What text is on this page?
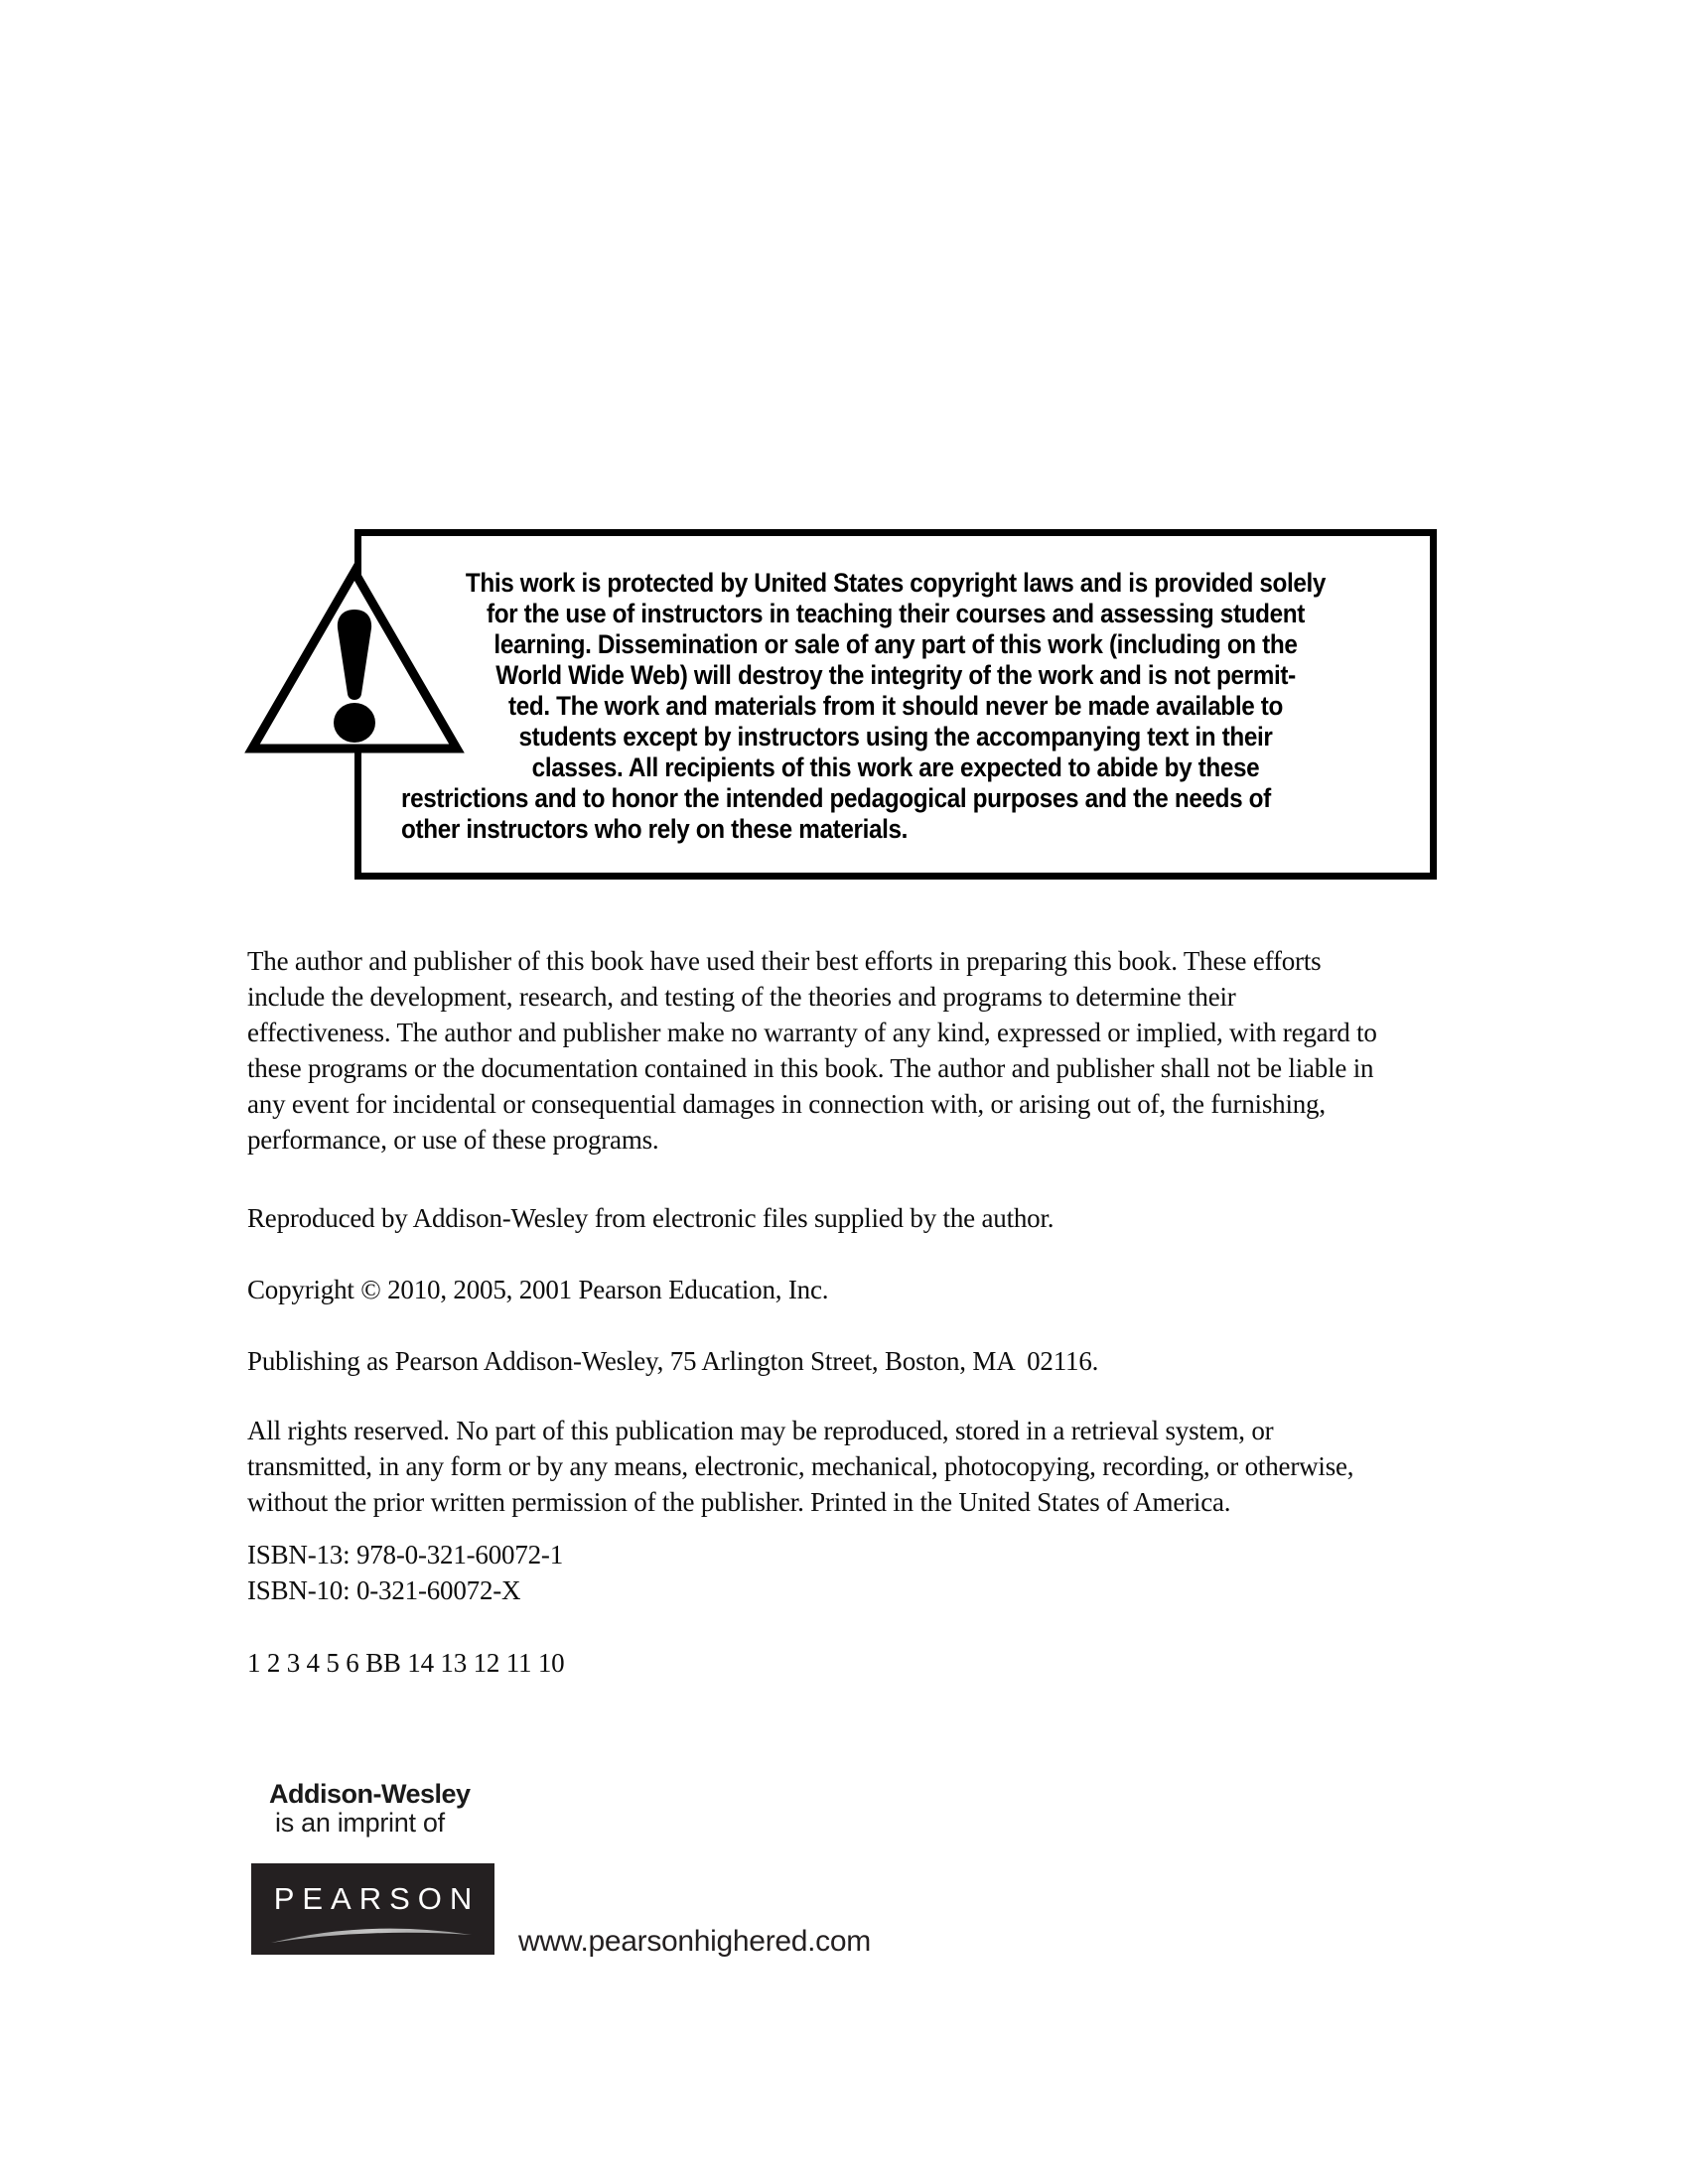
This work is protected by United States copyright laws and is provided solely
for the use of instructors in teaching their courses and assessing student
learning. Dissemination or sale of any part of this work (including on the
World Wide Web) will destroy the integrity of the work and is not permit-
ted. The work and materials from it should never be made available to
students except by instructors using the accompanying text in their
classes. All recipients of this work are expected to abide by these
restrictions and to honor the intended pedagogical purposes and the needs of
other instructors who rely on these materials.
The author and publisher of this book have used their best efforts in preparing this book. These efforts
include the development, research, and testing of the theories and programs to determine their
effectiveness. The author and publisher make no warranty of any kind, expressed or implied, with regard to
these programs or the documentation contained in this book. The author and publisher shall not be liable in
any event for incidental or consequential damages in connection with, or arising out of, the furnishing,
performance, or use of these programs.
Reproduced by Addison-Wesley from electronic files supplied by the author.
Copyright © 2010, 2005, 2001 Pearson Education, Inc.
Publishing as Pearson Addison-Wesley, 75 Arlington Street, Boston, MA  02116.
All rights reserved. No part of this publication may be reproduced, stored in a retrieval system, or
transmitted, in any form or by any means, electronic, mechanical, photocopying, recording, or otherwise,
without the prior written permission of the publisher. Printed in the United States of America.
ISBN-13: 978-0-321-60072-1
ISBN-10: 0-321-60072-X
1 2 3 4 5 6 BB 14 13 12 11 10
Addison-Wesley
is an imprint of
PEARSON
www.pearsonhighered.com
